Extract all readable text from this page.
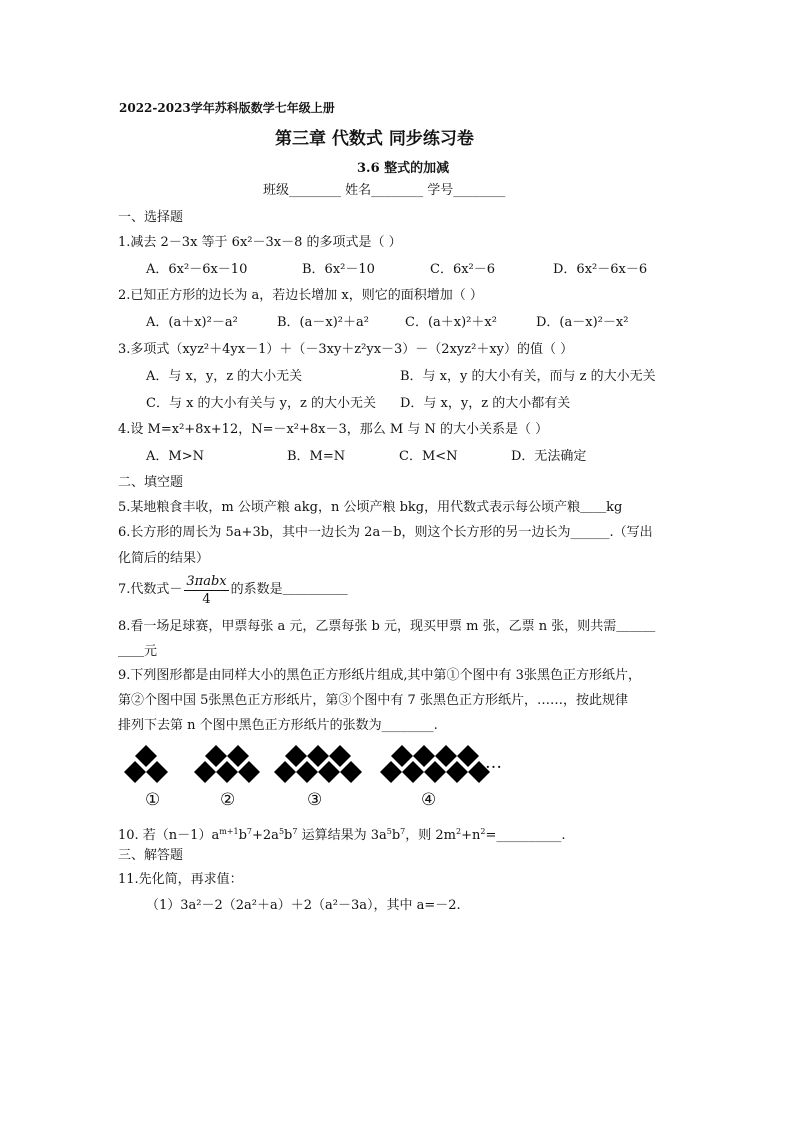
2022-2023学年苏科版数学七年级上册
第三章 代数式 同步练习卷
3.6 整式的加减
班级________ 姓名________ 学号________
一、选择题
1.减去 2－3x 等于 6x²－3x－8 的多项式是（ ）
A．6x²－6x－10	B．6x²－10	C．6x²－6	D．6x²－6x－6
2.已知正方形的边长为 a，若边长增加 x，则它的面积增加（ ）
A．(a＋x)²－a²	B．(a－x)²＋a²	C．(a＋x)²＋x²	D．(a－x)²－x²
3.多项式（xyz²＋4yx－1）＋（－3xy＋z²yx－3）－（2xyz²＋xy）的值（ ）
A．与 x，y，z 的大小无关	B．与 x，y 的大小有关，而与 z 的大小无关
C．与 x 的大小有关与 y，z 的大小无关 D．与 x，y，z 的大小都有关
4.设 M=x²+8x+12，N=－x²+8x－3，那么 M 与 N 的大小关系是（ ）
A．M>N	B．M=N	C．M<N	D．无法确定
二、填空题
5.某地粮食丰收，m 公顷产粮 akg，n 公顷产粮 bkg，用代数式表示每公顷产粮＿＿kg
6.长方形的周长为 5a+3b，其中一边长为 2a－b，则这个长方形的另一边长为______.（写出
化简后的结果）
7.代数式－ $\frac{\text{3πabx}}{4}$ 的系数是＿＿＿＿＿
8.看一场足球赛，甲票每张 a 元，乙票每张 b 元，现买甲票 m 张，乙票 n 张，则共需＿＿＿
＿＿元
9.下列图形都是由同样大小的黑色正方形纸片组成,其中第①个图中有 3张黑色正方形纸片，
第②个图中国 5张黑色正方形纸片，第③个图中有 7 张黑色正方形纸片，……，按此规律
排列下去第 n 个图中黑色正方形纸片的张数为________.
…
①	②	③	④
10. 若$(n-1)a^{m+1}b^7+2a^5b^7$ 运算结果为 $3a^5b^7$，则 $2m^2+n^2=\_\_\_\_\_\_\_\_\_\_$.
三、解答题
11.先化简，再求值：
（1）3a²－2（2a²＋a）＋2（a²－3a），其中 a=－2.
